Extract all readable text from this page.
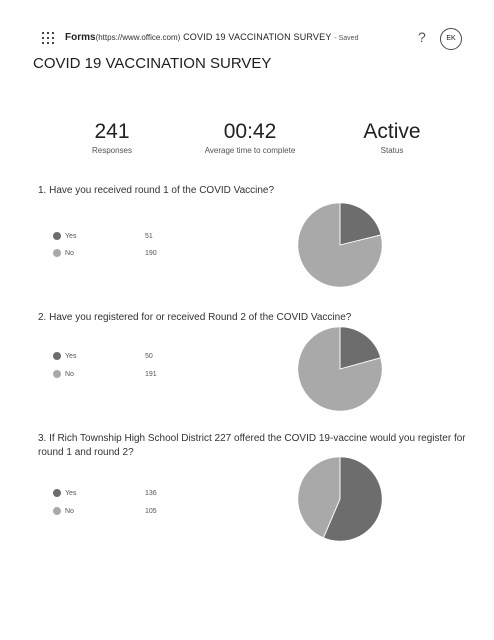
Forms(https://www.office.com) COVID 19 VACCINATION SURVEY - Saved	?	EK
COVID 19 VACCINATION SURVEY
241
Responses
00:42
Average time to complete
Active
Status
1. Have you received round 1 of the COVID Vaccine?
Yes	51
No	190
2. Have you registered for or received Round 2 of the COVID Vaccine?
Yes	50
No	191
3. If Rich Township High School District 227 offered the COVID 19-vaccine would you register for round 1 and round 2?
Yes	136
No	105
